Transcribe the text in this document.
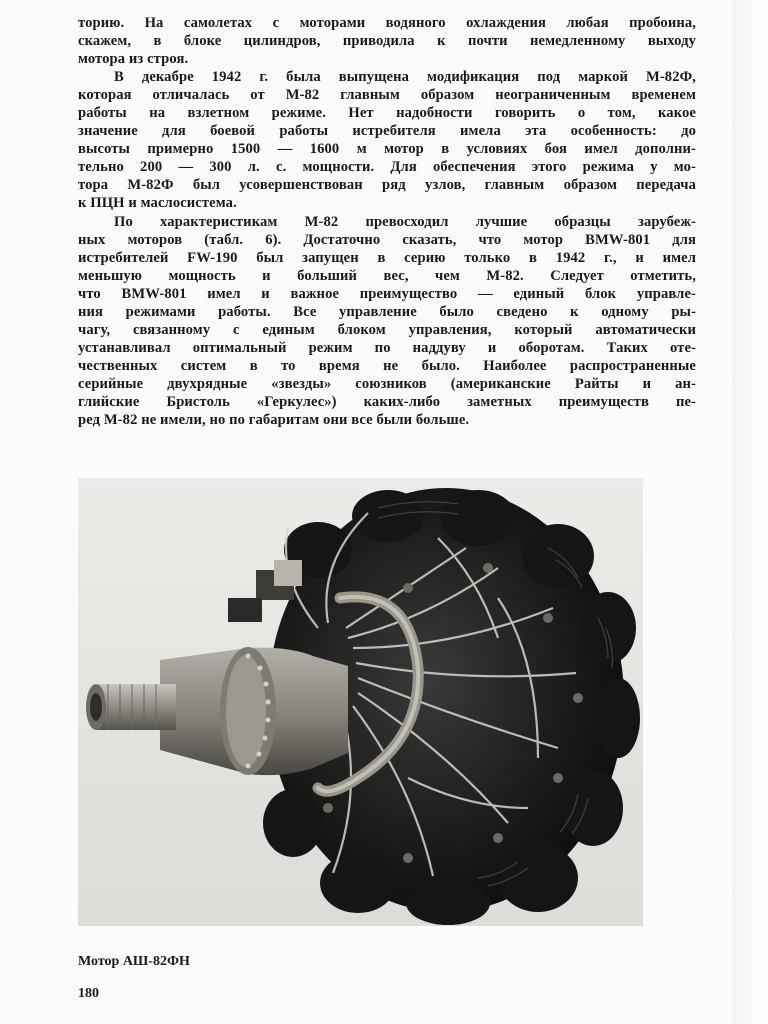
торию. На самолетах с моторами водяного охлаждения любая пробоина,
скажем, в блоке цилиндров, приводила к почти немедленному выходу
мотора из строя.
В декабре 1942 г. была выпущена модификация под маркой М-82Ф,
которая отличалась от М-82 главным образом неограниченным временем
работы на взлетном режиме. Нет надобности говорить о том, какое
значение для боевой работы истребителя имела эта особенность: до
высоты примерно 1500 — 1600 м мотор в условиях боя имел дополни-
тельно 200 — 300 л. с. мощности. Для обеспечения этого режима у мо-
тора М-82Ф был усовершенствован ряд узлов, главным образом передача
к ПЦН и маслосистема.
По характеристикам М-82 превосходил лучшие образцы зарубеж-
ных моторов (табл. 6). Достаточно сказать, что мотор BMW-801 для
истребителей FW-190 был запущен в серию только в 1942 г., и имел
меньшую мощность и больший вес, чем М-82. Следует отметить,
что BMW-801 имел и важное преимущество — единый блок управле-
ния режимами работы. Все управление было сведено к одному ры-
чагу, связанному с единым блоком управления, который автоматически
устанавливал оптимальный режим по наддуву и оборотам. Таких оте-
чественных систем в то время не было. Наиболее распространенные
серийные двухрядные «звезды» союзников (американские Райты и ан-
глийские Бристоль «Геркулес») каких-либо заметных преимуществ пе-
ред М-82 не имели, но по габаритам они все были больше.
Мотор АШ-82ФН
180
